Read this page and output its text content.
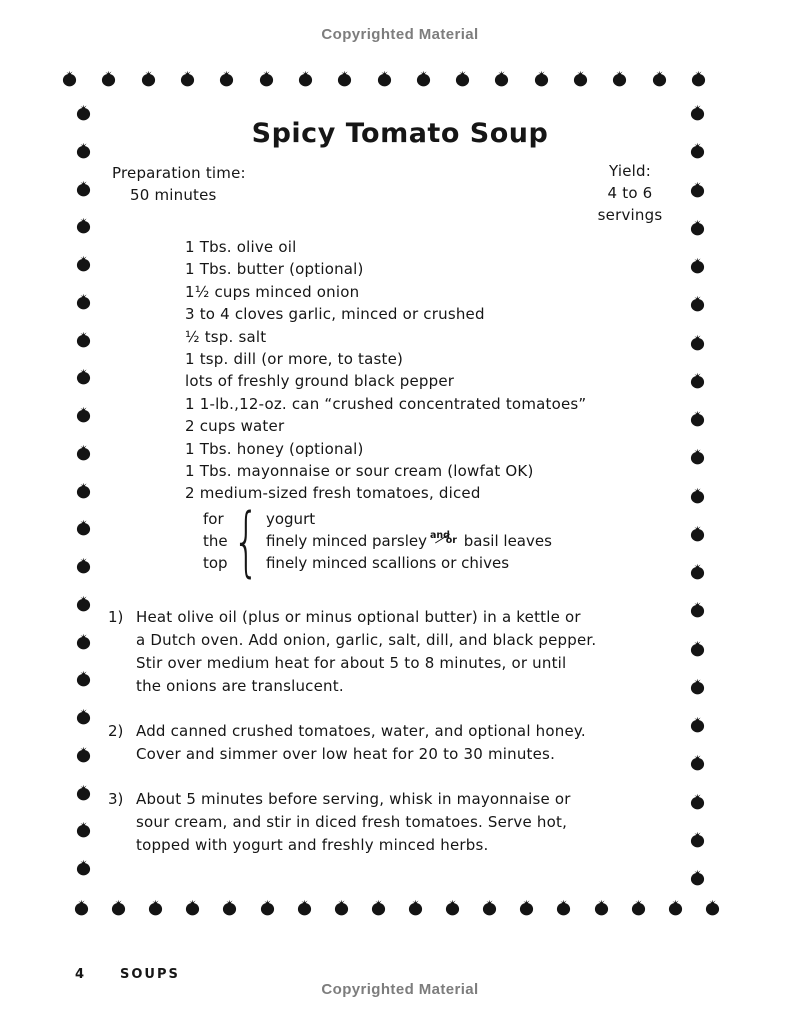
Copyrighted Material
Spicy Tomato Soup
Preparation time:
50 minutes
Yield:
4 to 6
servings
1 Tbs. olive oil
1 Tbs. butter (optional)
1½ cups minced onion
3 to 4 cloves garlic, minced or crushed
½ tsp. salt
1 tsp. dill (or more, to taste)
lots of freshly ground black pepper
1 1-lb.,12-oz. can “crushed concentrated tomatoes”
2 cups water
1 Tbs. honey (optional)
1 Tbs. mayonnaise or sour cream (lowfat OK)
2 medium-sized fresh tomatoes, diced
for
the
top { yogurt
finely minced parsley and
or basil leaves
finely minced scallions or chives
1) Heat olive oil (plus or minus optional butter) in a kettle or
a Dutch oven. Add onion, garlic, salt, dill, and black pepper.
Stir over medium heat for about 5 to 8 minutes, or until
the onions are translucent.
2) Add canned crushed tomatoes, water, and optional honey.
Cover and simmer over low heat for 20 to 30 minutes.
3) About 5 minutes before serving, whisk in mayonnaise or
sour cream, and stir in diced fresh tomatoes. Serve hot,
topped with yogurt and freshly minced herbs.
4	SOUPS
Copyrighted Material
